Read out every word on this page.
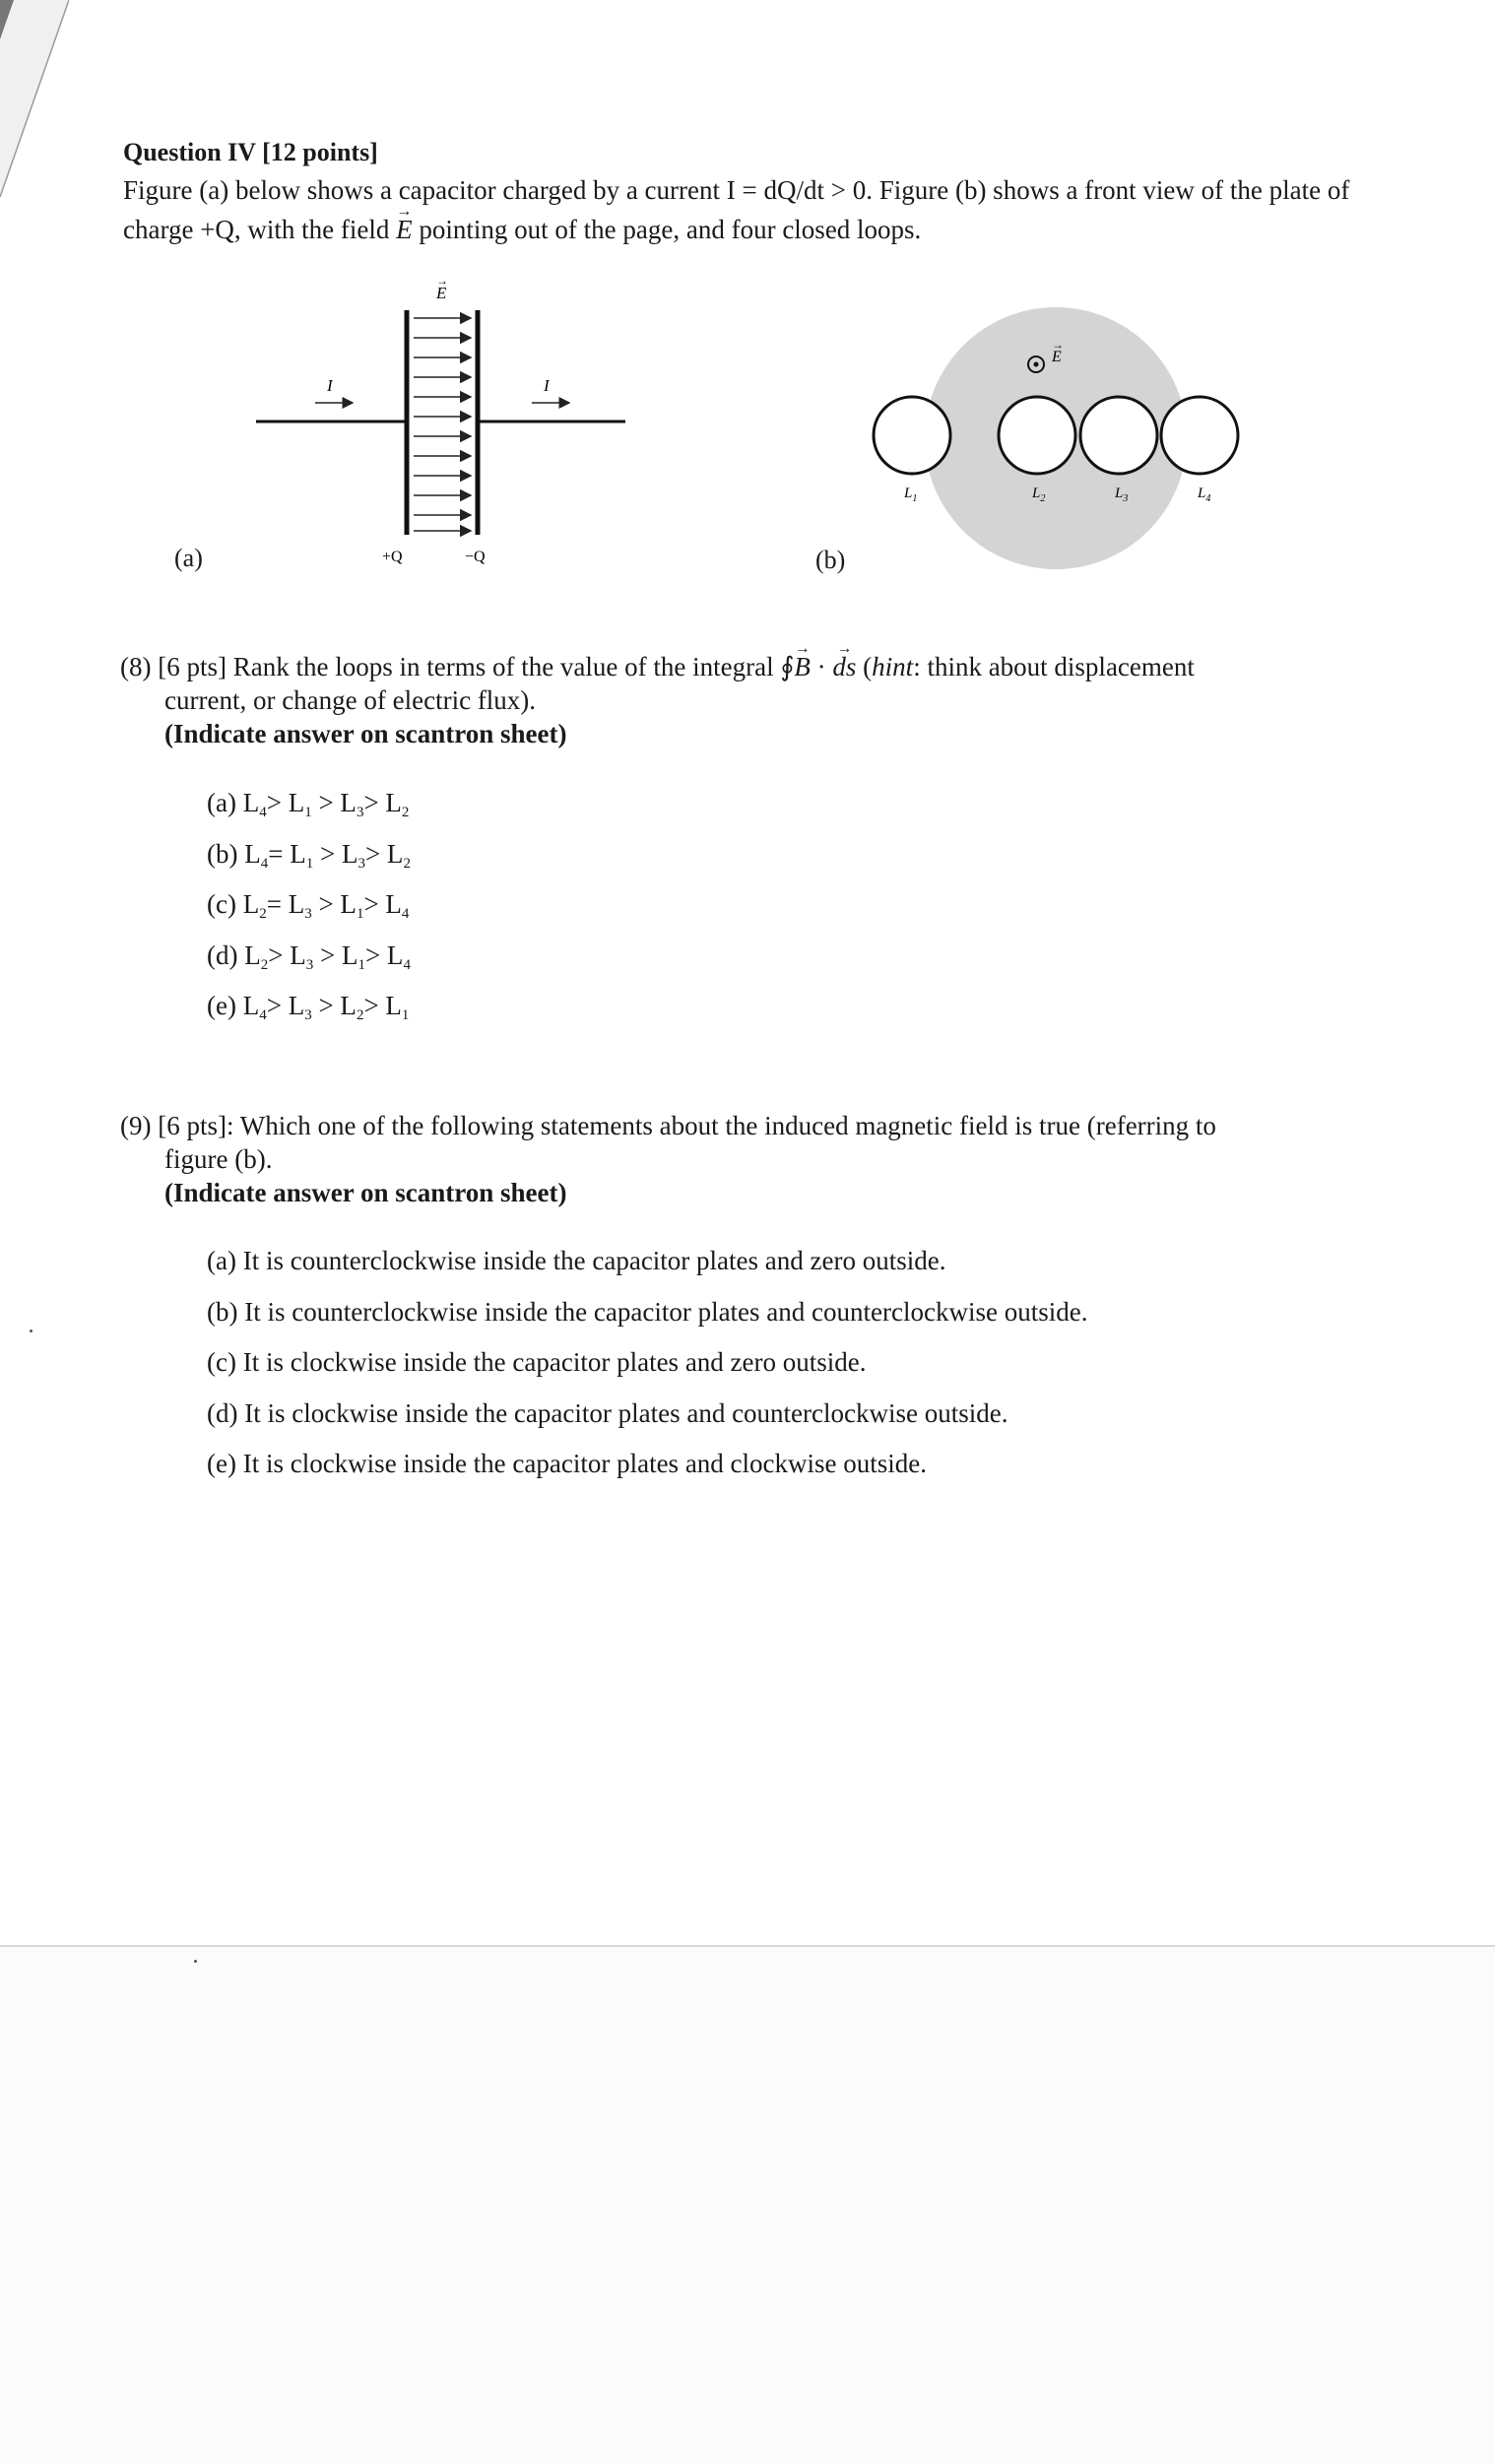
Question IV [12 points]
Figure (a) below shows a capacitor charged by a current I = dQ/dt > 0. Figure (b) shows a front view of the plate of charge +Q, with the field E → pointing out of the page, and four closed loops.
E
→
I	I
+Q	−Q
(a)
E
→
$L_1$	$L_2$	$L_3$	$L_4$
(b)
(8) [6 pts] Rank the loops in terms of the value of the integral ∮B → · ds → (hint: think about displacement
current, or change of electric flux).
(Indicate answer on scantron sheet)
(a) $L_4> L_1 > L_3> L_2$
(b) $L_4= L_1 > L_3> L_2$
(c) $L_2= L_3 > L_1> L_4$
(d) $L_2> L_3 > L_1> L_4$
(e) $L_4> L_3 > L_2> L_1$
(9) [6 pts]: Which one of the following statements about the induced magnetic field is true (referring to
figure (b).
(Indicate answer on scantron sheet)
(a) It is counterclockwise inside the capacitor plates and zero outside.
(b) It is counterclockwise inside the capacitor plates and counterclockwise outside.
(c) It is clockwise inside the capacitor plates and zero outside.
(d) It is clockwise inside the capacitor plates and counterclockwise outside.
(e) It is clockwise inside the capacitor plates and clockwise outside.
